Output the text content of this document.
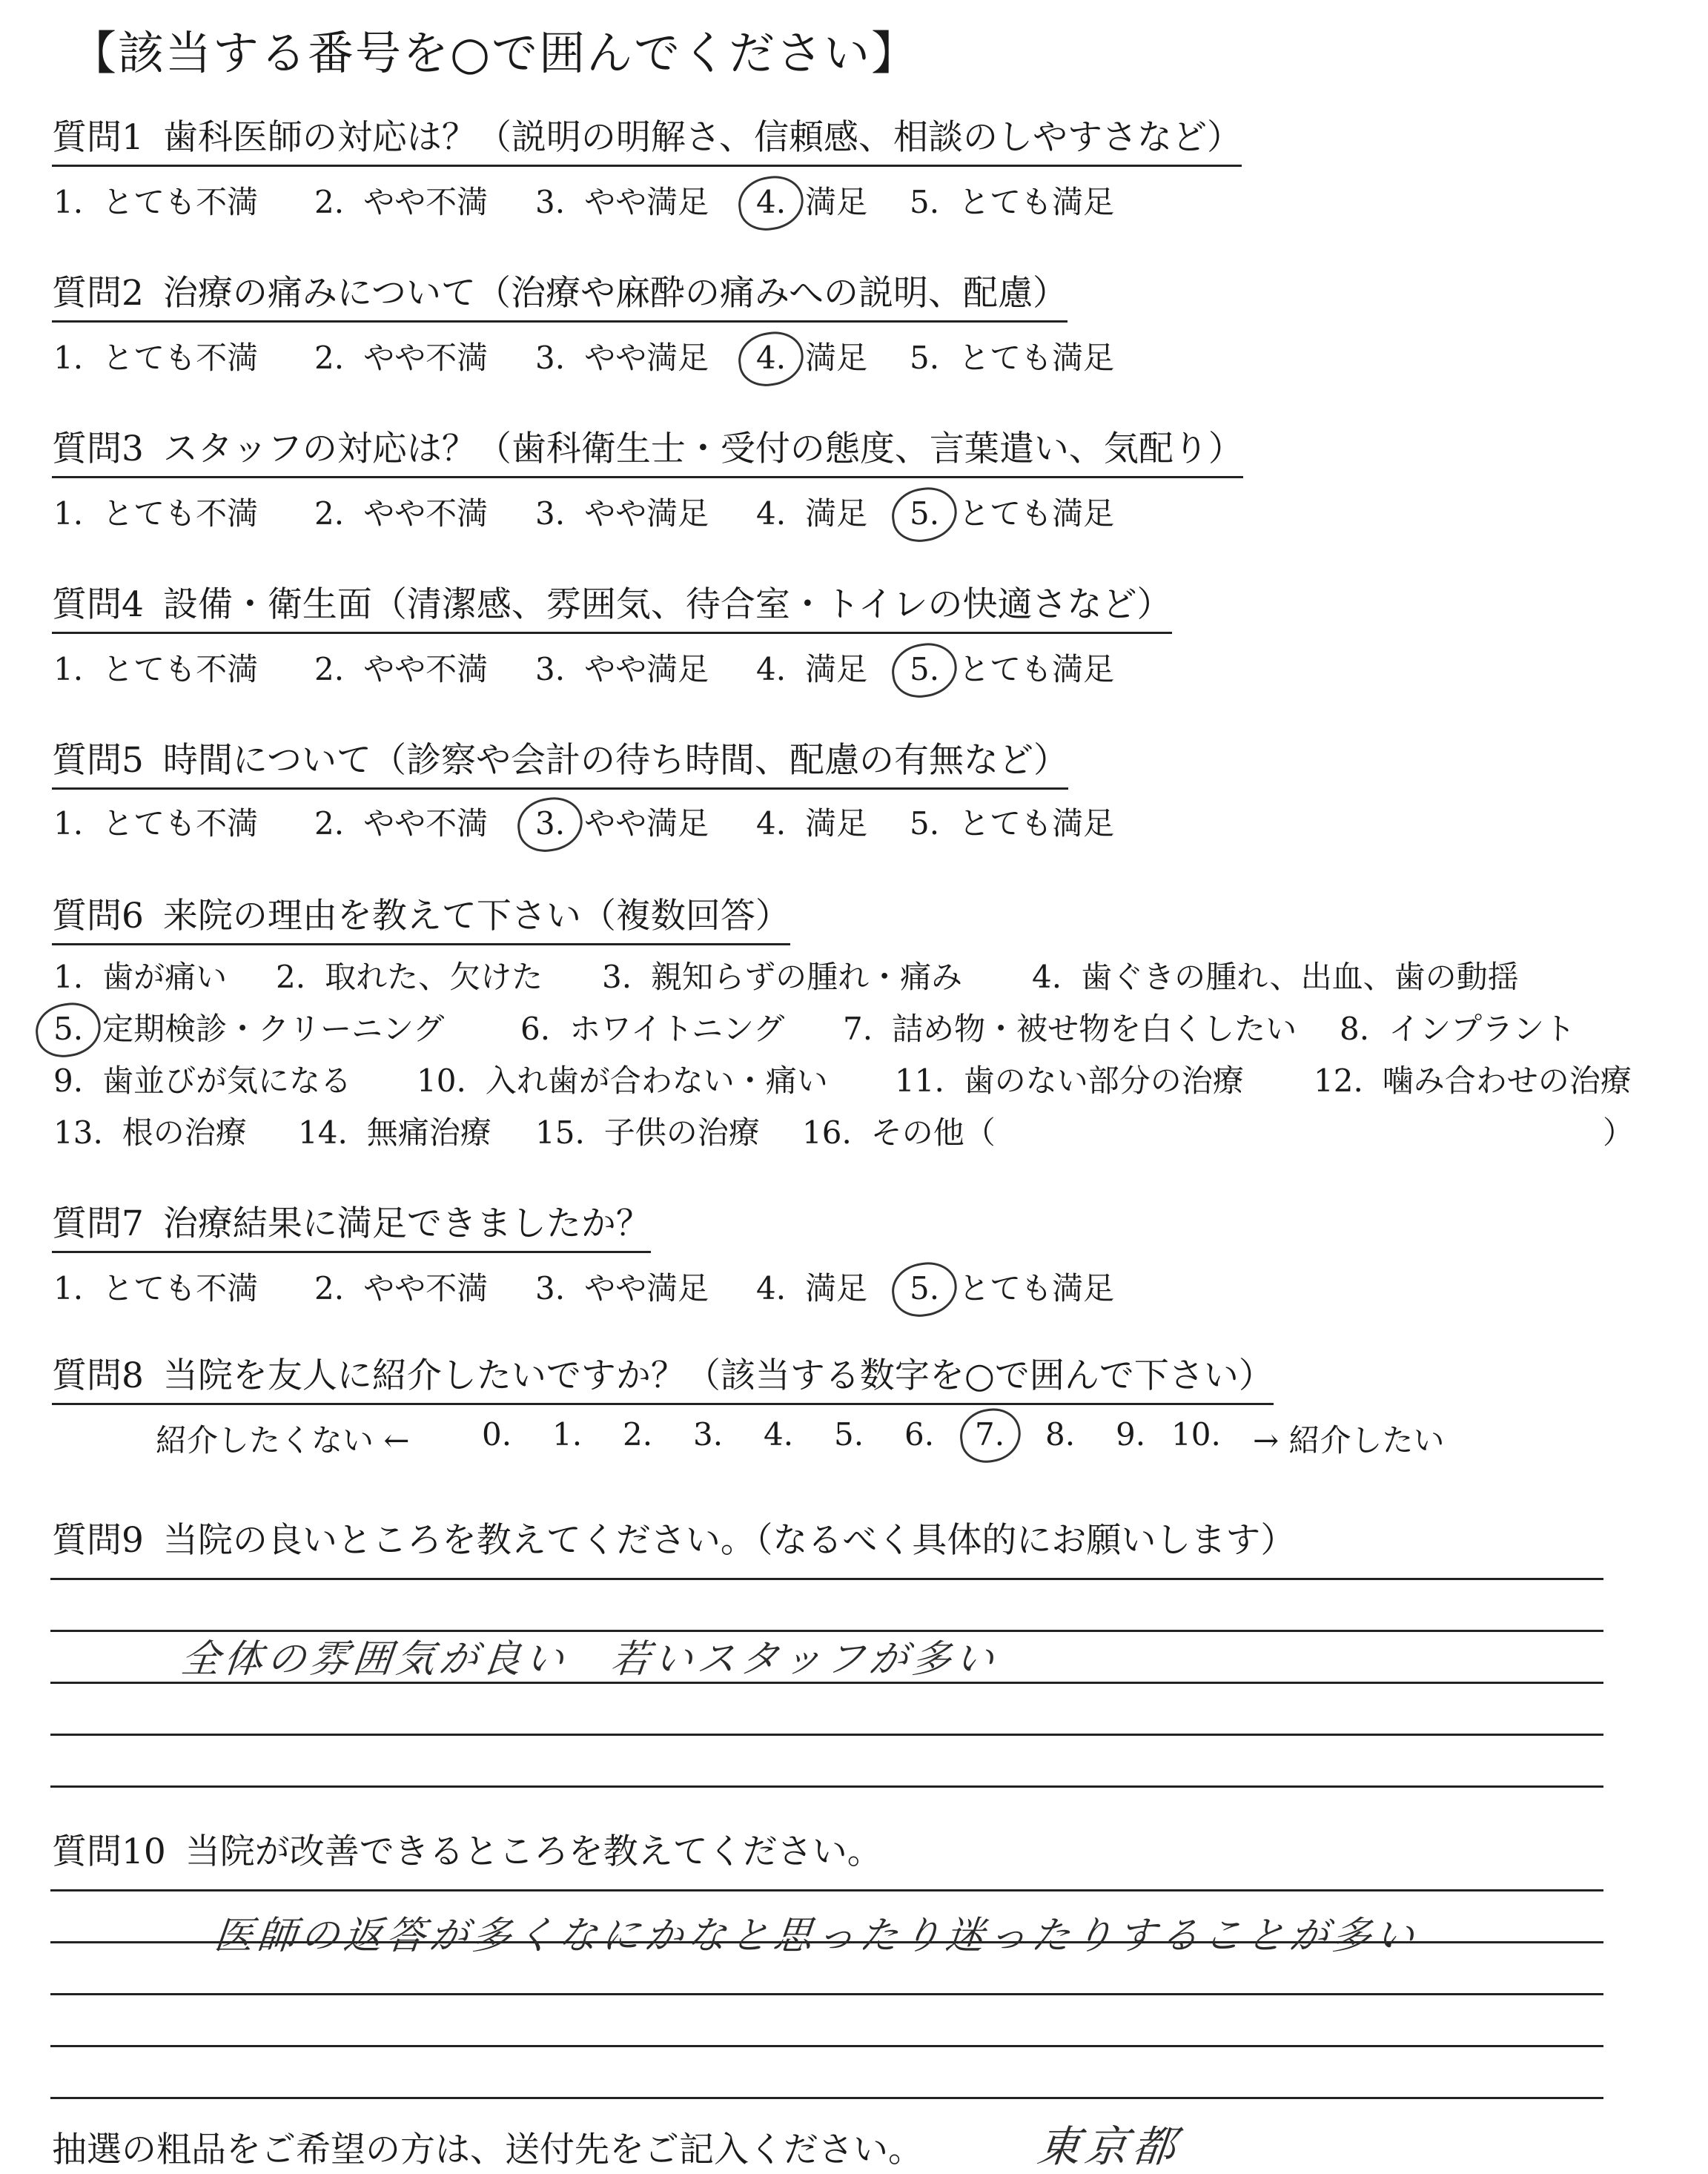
【該当する番号を○で囲んでください】
質問1 歯科医師の対応は？（説明の明解さ、信頼感、相談のしやすさなど）
1. とても不満 2. やや不満 3. やや満足 4. 満足 5. とても満足
質問2 治療の痛みについて（治療や麻酔の痛みへの説明、配慮）
1. とても不満 2. やや不満 3. やや満足 4. 満足 5. とても満足
質問3 スタッフの対応は？（歯科衛生士・受付の態度、言葉遣い、気配り）
1. とても不満 2. やや不満 3. やや満足 4. 満足 5. とても満足
質問4 設備・衛生面（清潔感、雰囲気、待合室・トイレの快適さなど）
1. とても不満 2. やや不満 3. やや満足 4. 満足 5. とても満足
質問5 時間について（診察や会計の待ち時間、配慮の有無など）
1. とても不満 2. やや不満 3. やや満足 4. 満足 5. とても満足
質問6 来院の理由を教えて下さい（複数回答）
1. 歯が痛い 2. 取れた、欠けた 3. 親知らずの腫れ・痛み 4. 歯ぐきの腫れ、出血、歯の動揺
5. 定期検診・クリーニング 6. ホワイトニング 7. 詰め物・被せ物を白くしたい 8. インプラント
9. 歯並びが気になる 10. 入れ歯が合わない・痛い 11. 歯のない部分の治療 12. 噛み合わせの治療
13. 根の治療 14. 無痛治療 15. 子供の治療 16. その他（	）
質問7 治療結果に満足できましたか？
1. とても不満 2. やや不満 3. やや満足 4. 満足 5. とても満足
質問8 当院を友人に紹介したいですか？（該当する数字を○で囲んで下さい）
紹介したくない ← 0. 1. 2. 3. 4. 5. 6. 7. 8. 9. 10. → 紹介したい
質問9 当院の良いところを教えてください。（なるべく具体的にお願いします）
全体の雰囲気が良い　若いスタッフが多い
質問10 当院が改善できるところを教えてください。
医師の返答が多くなにかなと思ったり迷ったりすることが多い
抽選の粗品をご希望の方は、送付先をご記入ください。	東京都
